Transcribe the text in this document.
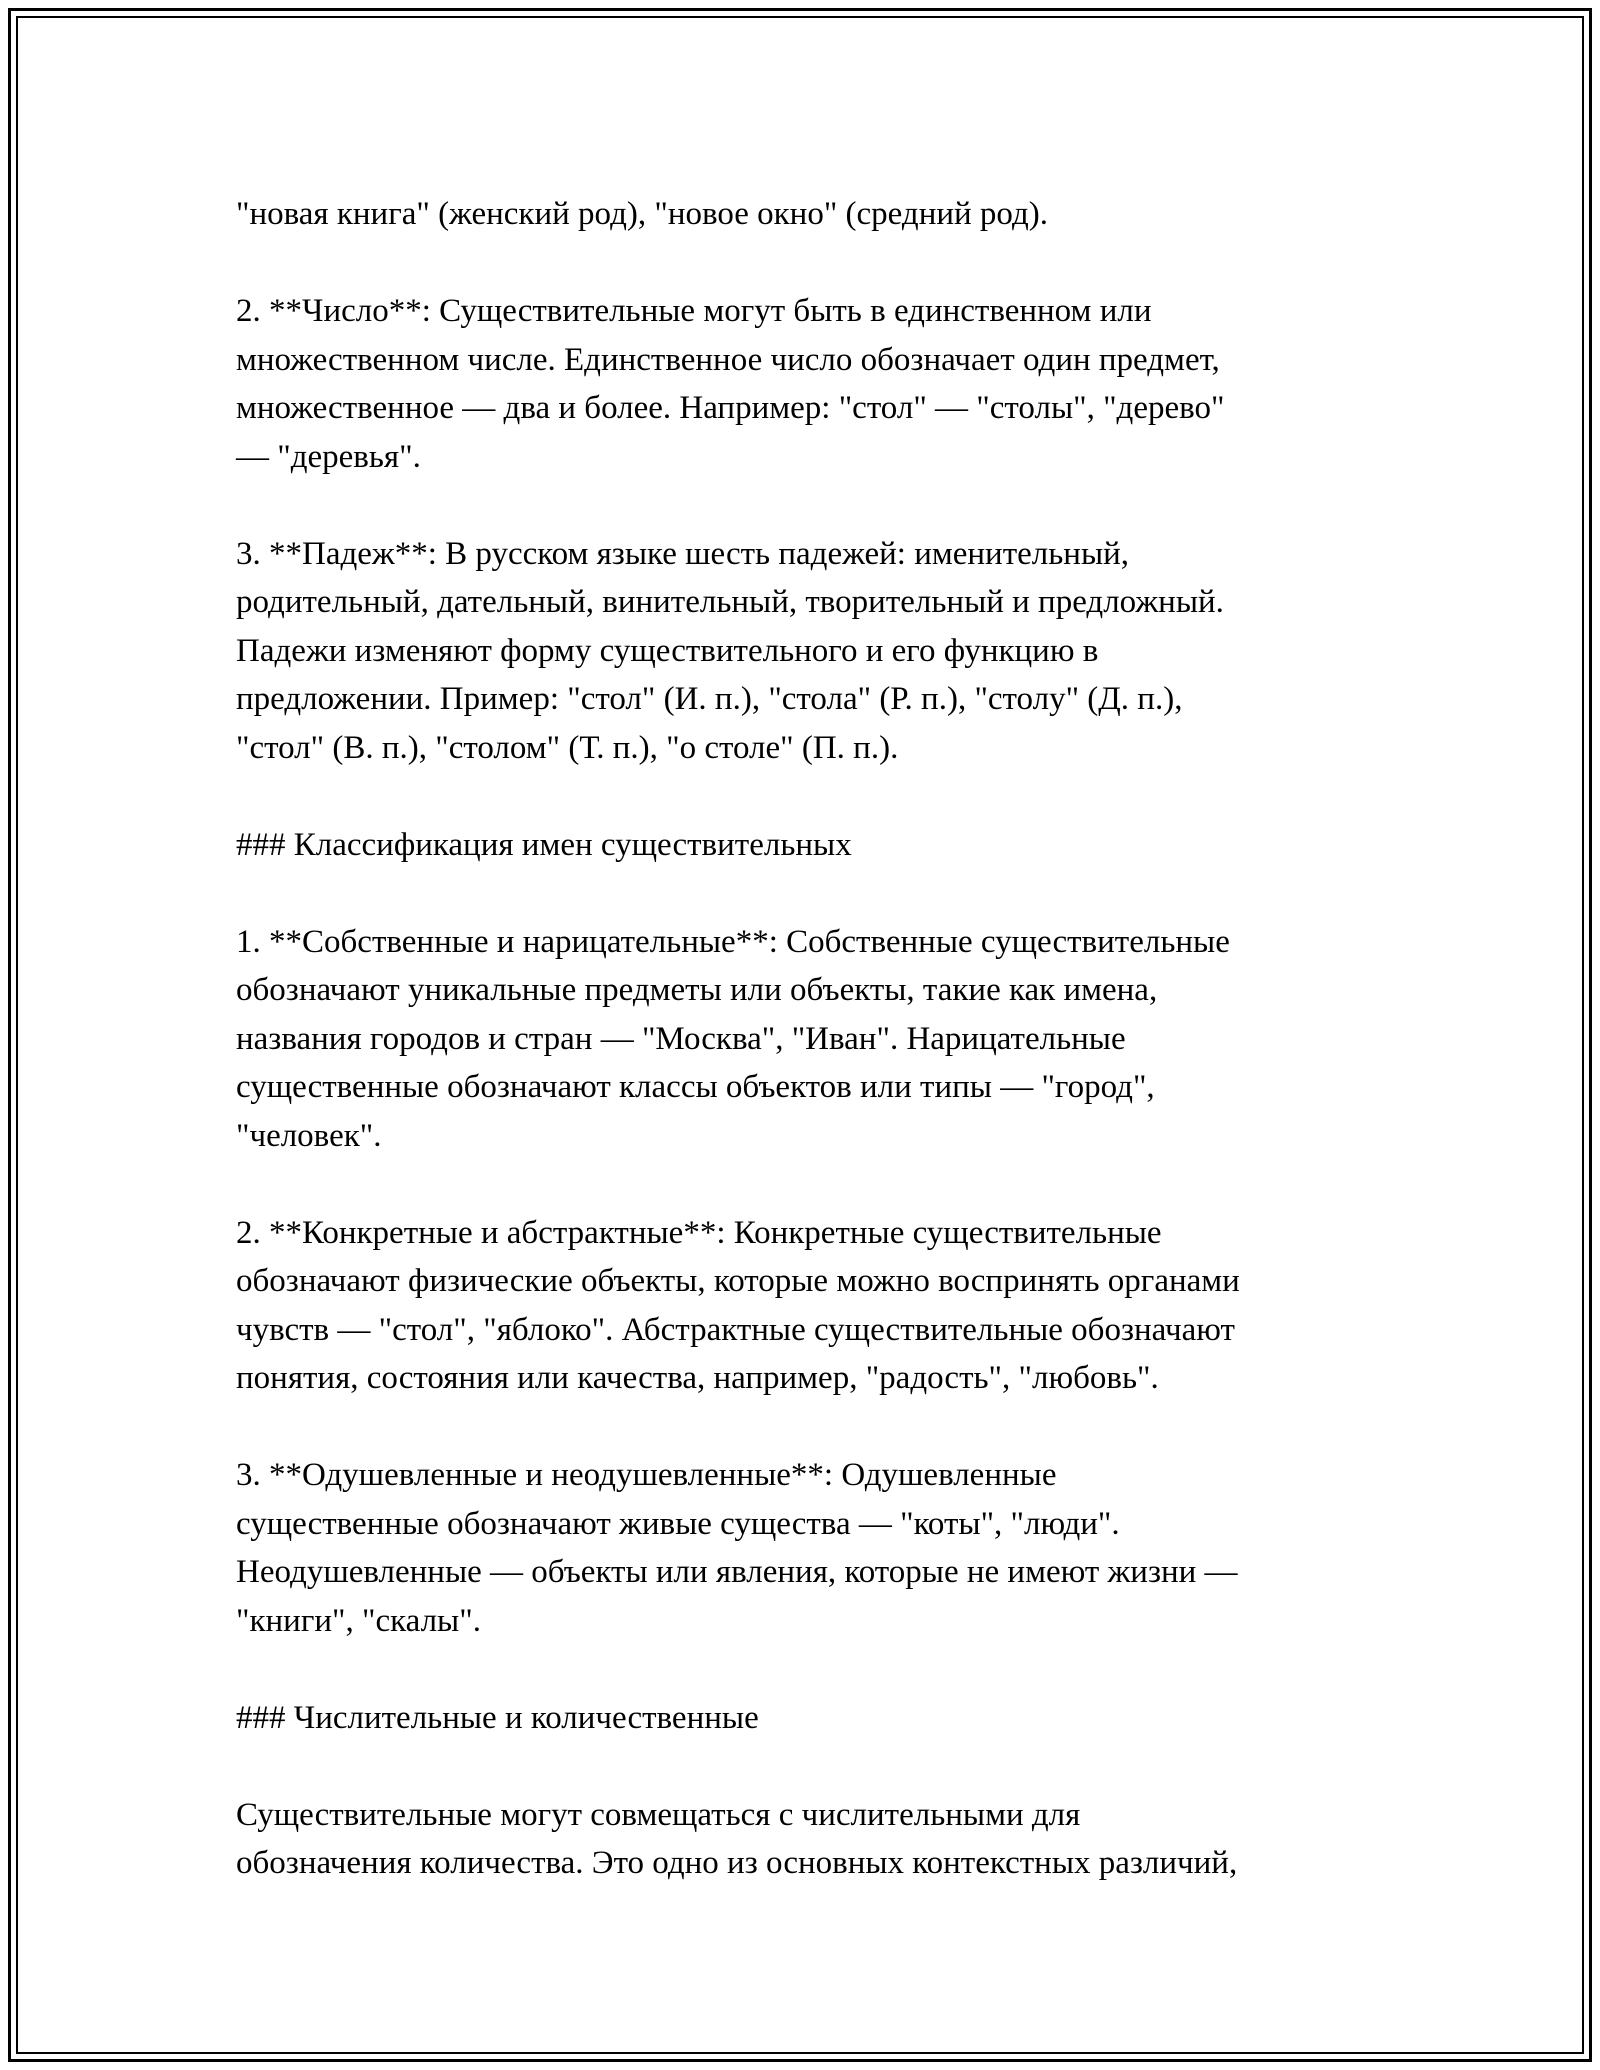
"новая книга" (женский род), "новое окно" (средний род).

2. **Число**: Существительные могут быть в единственном или
множественном числе. Единственное число обозначает один предмет,
множественное — два и более. Например: "стол" — "столы", "дерево"
— "деревья".

3. **Падеж**: В русском языке шесть падежей: именительный,
родительный, дательный, винительный, творительный и предложный.
Падежи изменяют форму существительного и его функцию в
предложении. Пример: "стол" (И. п.), "стола" (Р. п.), "столу" (Д. п.),
"стол" (В. п.), "столом" (Т. п.), "о столе" (П. п.).

### Классификация имен существительных

1. **Собственные и нарицательные**: Собственные существительные
обозначают уникальные предметы или объекты, такие как имена,
названия городов и стран — "Москва", "Иван". Нарицательные
существенные обозначают классы объектов или типы — "город",
"человек".

2. **Конкретные и абстрактные**: Конкретные существительные
обозначают физические объекты, которые можно воспринять органами
чувств — "стол", "яблоко". Абстрактные существительные обозначают
понятия, состояния или качества, например, "радость", "любовь".

3. **Одушевленные и неодушевленные**: Одушевленные
существенные обозначают живые существа — "коты", "люди".
Неодушевленные — объекты или явления, которые не имеют жизни —
"книги", "скалы".

### Числительные и количественные

Существительные могут совмещаться с числительными для
обозначения количества. Это одно из основных контекстных различий,
